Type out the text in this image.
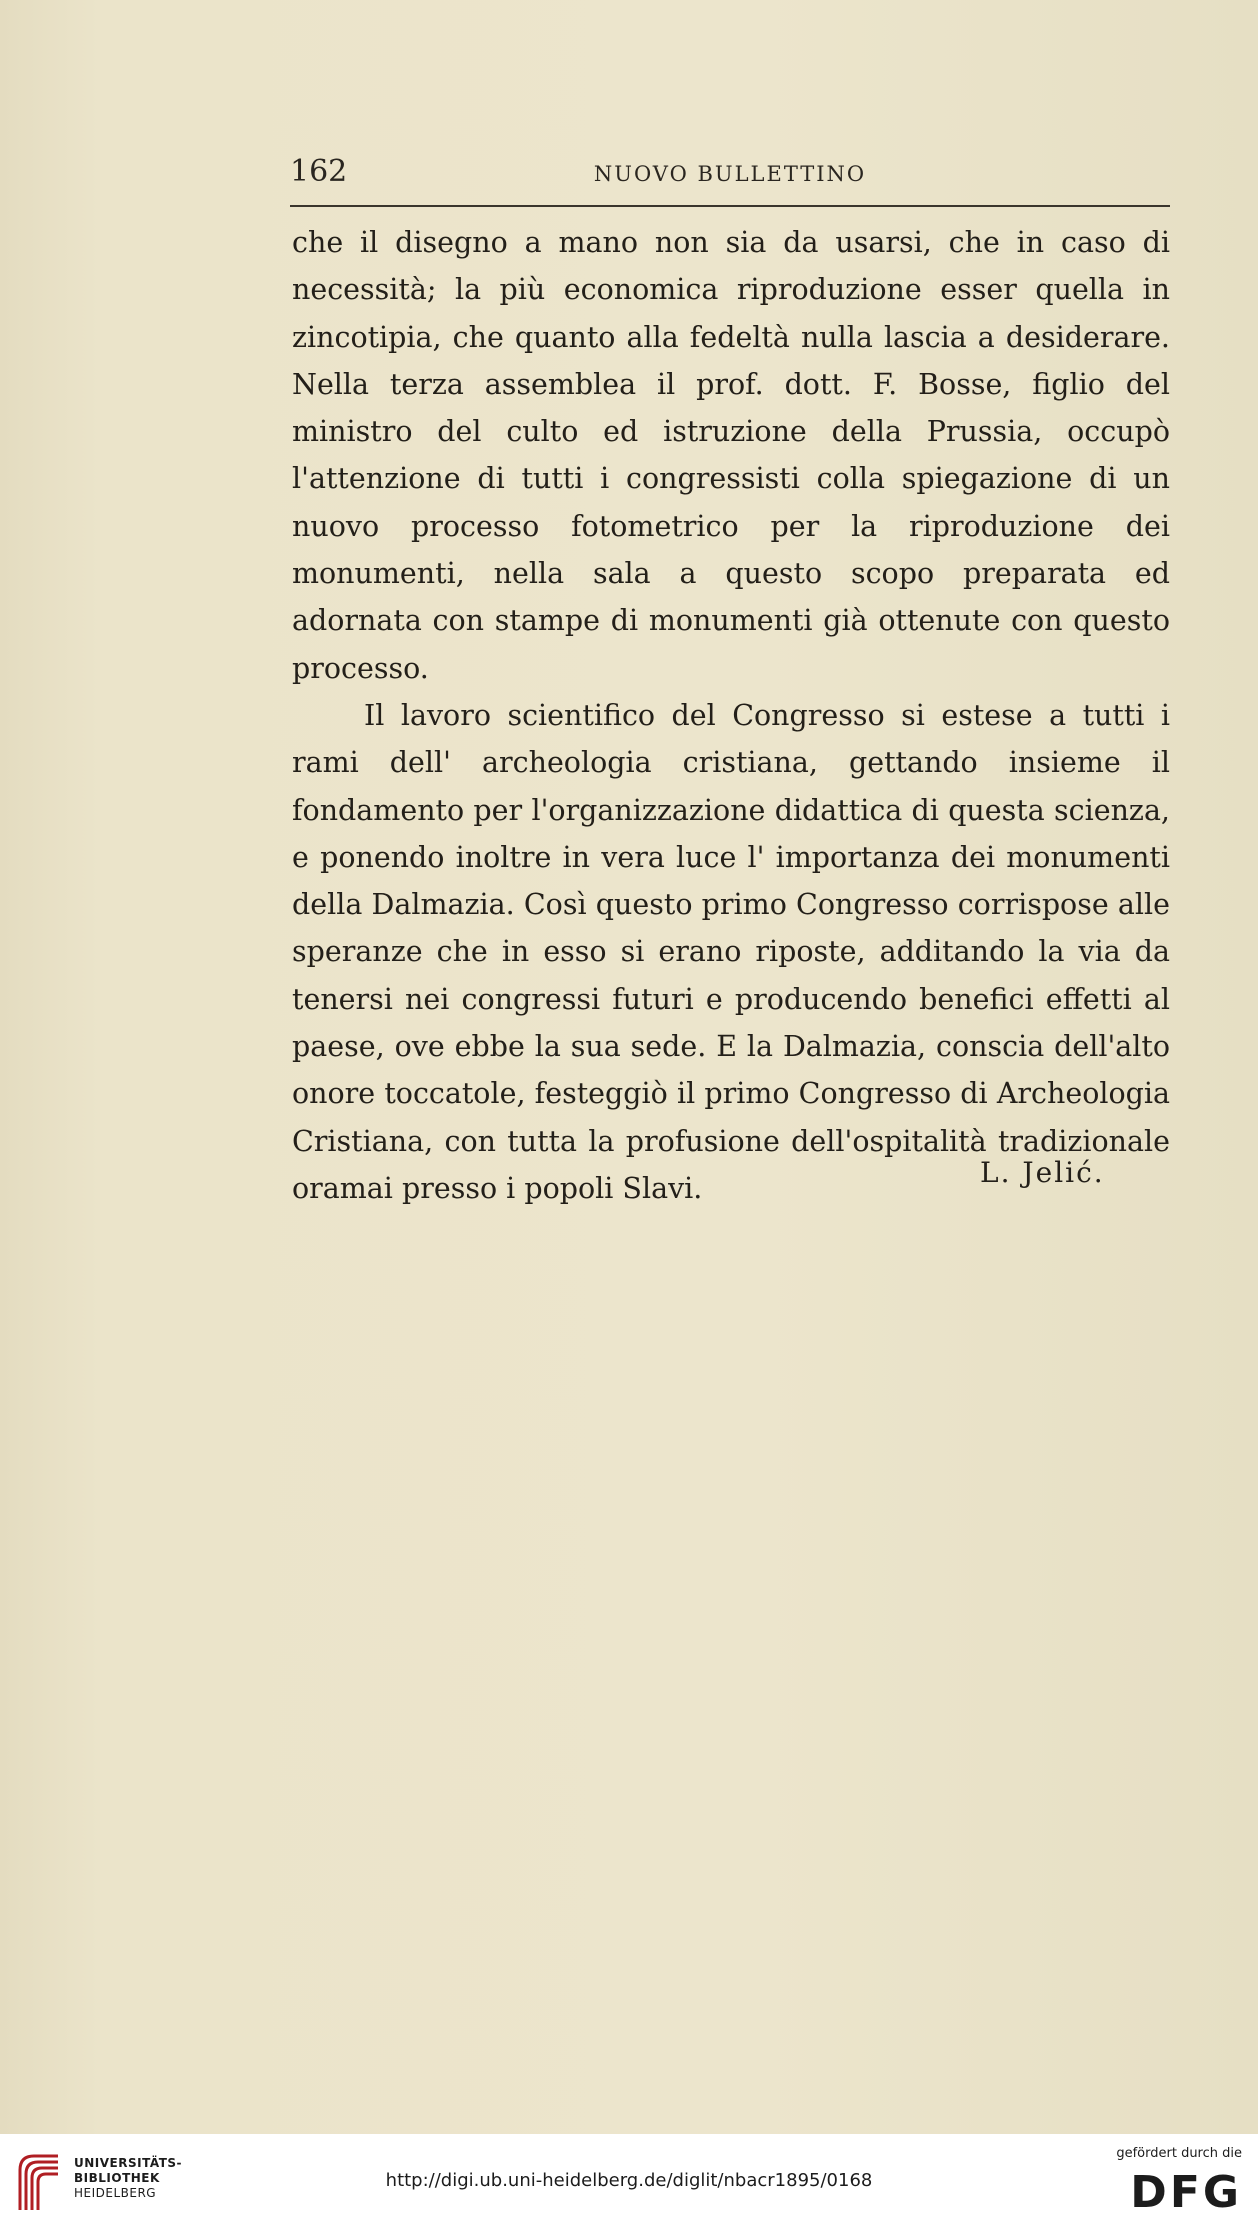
162	NUOVO BULLETTINO

che il disegno a mano non sia da usarsi, che in caso di necessità; la più economica riproduzione esser quella in zincotipia, che quanto alla fedeltà nulla lascia a desiderare. Nella terza assemblea il prof. dott. F. Bosse, figlio del ministro del culto ed istruzione della Prussia, occupò l'attenzione di tutti i congressisti colla spiegazione di un nuovo processo fotometrico per la riproduzione dei monumenti, nella sala a questo scopo preparata ed adornata con stampe di monumenti già ottenute con questo processo.

Il lavoro scientifico del Congresso si estese a tutti i rami dell' archeologia cristiana, gettando insieme il fondamento per l'organizzazione didattica di questa scienza, e ponendo inoltre in vera luce l' importanza dei monumenti della Dalmazia. Così questo primo Congresso corrispose alle speranze che in esso si erano riposte, additando la via da tenersi nei congressi futuri e producendo benefici effetti al paese, ove ebbe la sua sede. E la Dalmazia, conscia dell'alto onore toccatole, festeggiò il primo Congresso di Archeologia Cristiana, con tutta la profusione dell'ospitalità tradizionale oramai presso i popoli Slavi.	L. Jelić.
UNIVERSITÄTS-
BIBLIOTHEK
HEIDELBERG
http://digi.ub.uni-heidelberg.de/diglit/nbacr1895/0168
gefördert durch die
DFG
